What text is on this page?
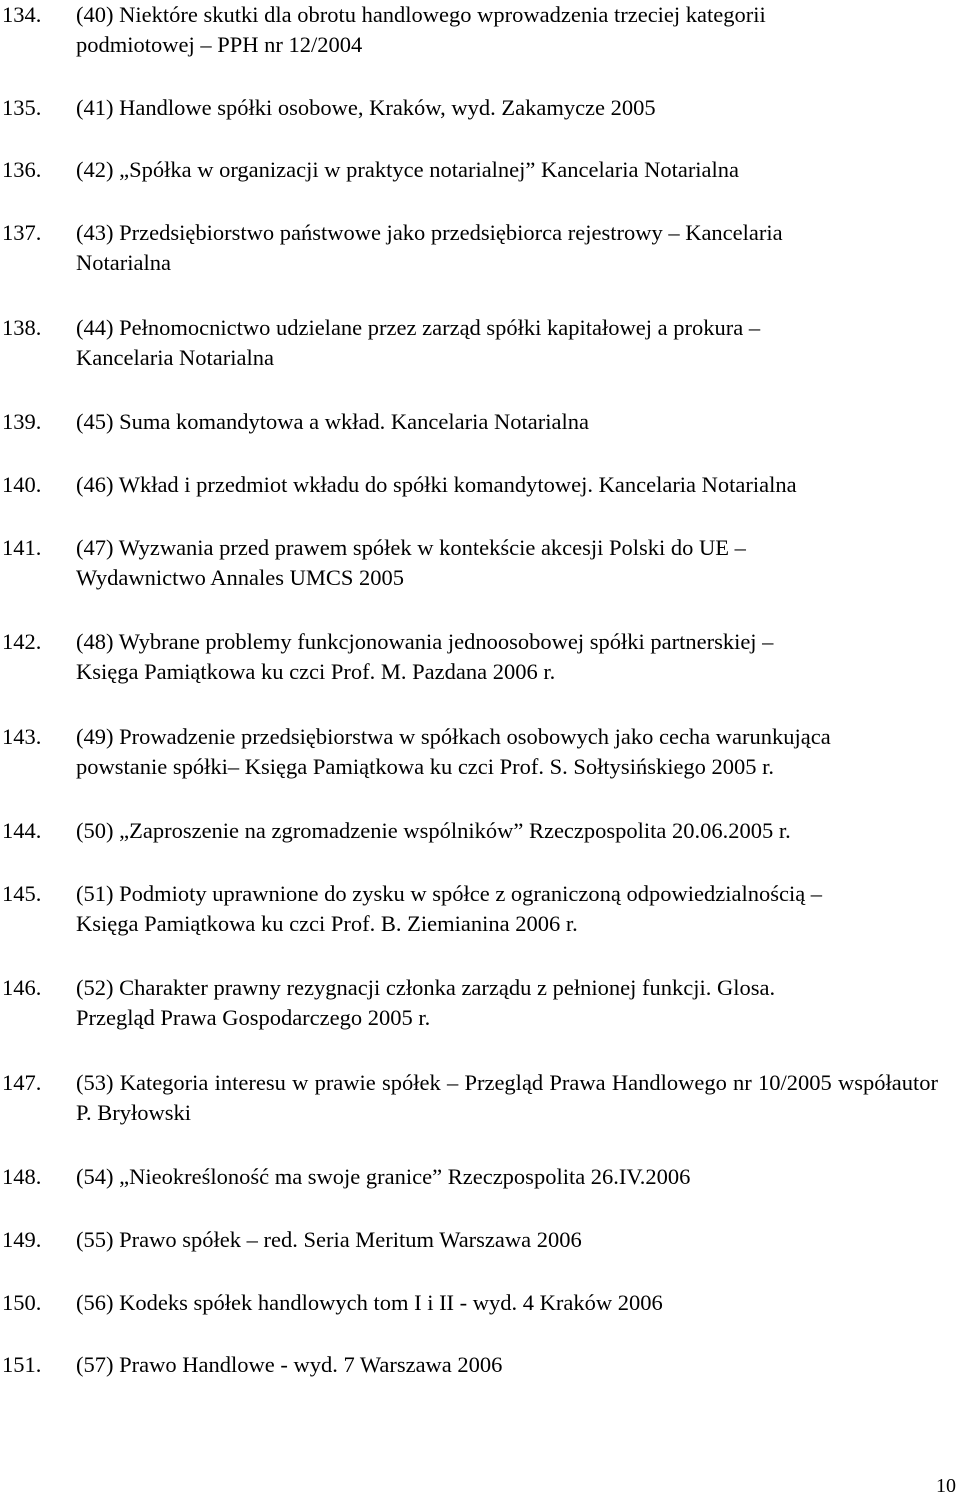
134. (40) Niektóre skutki dla obrotu handlowego wprowadzenia trzeciej kategorii
podmiotowej – PPH nr 12/2004
135. (41) Handlowe spółki osobowe, Kraków, wyd. Zakamycze 2005
136. (42) „Spółka w organizacji w praktyce notarialnej” Kancelaria Notarialna
137. (43) Przedsiębiorstwo państwowe jako przedsiębiorca rejestrowy – Kancelaria
Notarialna
138. (44) Pełnomocnictwo udzielane przez zarząd spółki kapitałowej a prokura –
Kancelaria Notarialna
139. (45) Suma komandytowa a wkład. Kancelaria Notarialna
140. (46) Wkład i przedmiot wkładu do spółki komandytowej. Kancelaria Notarialna
141. (47) Wyzwania przed prawem spółek w kontekście akcesji Polski do UE –
Wydawnictwo Annales UMCS 2005
142. (48) Wybrane problemy funkcjonowania jednoosobowej spółki partnerskiej –
Księga Pamiątkowa ku czci Prof. M. Pazdana 2006 r.
143. (49) Prowadzenie przedsiębiorstwa w spółkach osobowych jako cecha warunkująca
powstanie spółki– Księga Pamiątkowa ku czci Prof. S. Sołtysińskiego 2005 r.
144. (50) „Zaproszenie na zgromadzenie wspólników” Rzeczpospolita 20.06.2005 r.
145. (51) Podmioty uprawnione do zysku w spółce z ograniczoną odpowiedzialnością –
Księga Pamiątkowa ku czci Prof. B. Ziemianina 2006 r.
146. (52) Charakter prawny rezygnacji członka zarządu z pełnionej funkcji. Glosa.
Przegląd Prawa Gospodarczego 2005 r.
147. (53) Kategoria interesu w prawie spółek – Przegląd Prawa Handlowego nr 10/2005 współautor P. Bryłowski
148. (54) „Nieokreśloność ma swoje granice” Rzeczpospolita 26.IV.2006
149. (55) Prawo spółek – red. Seria Meritum Warszawa 2006
150. (56) Kodeks spółek handlowych tom I i II - wyd. 4 Kraków 2006
151. (57) Prawo Handlowe - wyd. 7 Warszawa 2006
10
